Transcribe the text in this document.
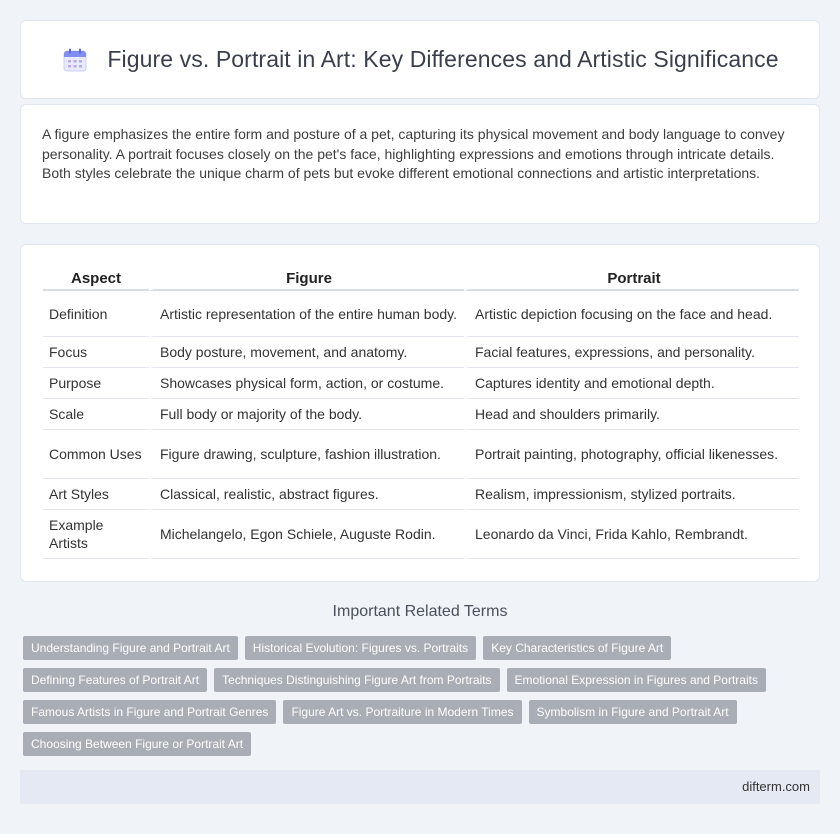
Figure vs. Portrait in Art: Key Differences and Artistic Significance

A figure emphasizes the entire form and posture of a pet, capturing its physical movement and body language to convey personality. A portrait focuses closely on the pet's face, highlighting expressions and emotions through intricate details. Both styles celebrate the unique charm of pets but evoke different emotional connections and artistic interpretations.

Aspect	Figure	Portrait
Definition	Artistic representation of the entire human body.	Artistic depiction focusing on the face and head.
Focus	Body posture, movement, and anatomy.	Facial features, expressions, and personality.
Purpose	Showcases physical form, action, or costume.	Captures identity and emotional depth.
Scale	Full body or majority of the body.	Head and shoulders primarily.
Common Uses	Figure drawing, sculpture, fashion illustration.	Portrait painting, photography, official likenesses.
Art Styles	Classical, realistic, abstract figures.	Realism, impressionism, stylized portraits.
Example Artists	Michelangelo, Egon Schiele, Auguste Rodin.	Leonardo da Vinci, Frida Kahlo, Rembrandt.
Important Related Terms
Understanding Figure and Portrait Art	Historical Evolution: Figures vs. Portraits	Key Characteristics of Figure Art
Defining Features of Portrait Art	Techniques Distinguishing Figure Art from Portraits	Emotional Expression in Figures and Portraits
Famous Artists in Figure and Portrait Genres	Figure Art vs. Portraiture in Modern Times	Symbolism in Figure and Portrait Art
Choosing Between Figure or Portrait Art
difterm.com
